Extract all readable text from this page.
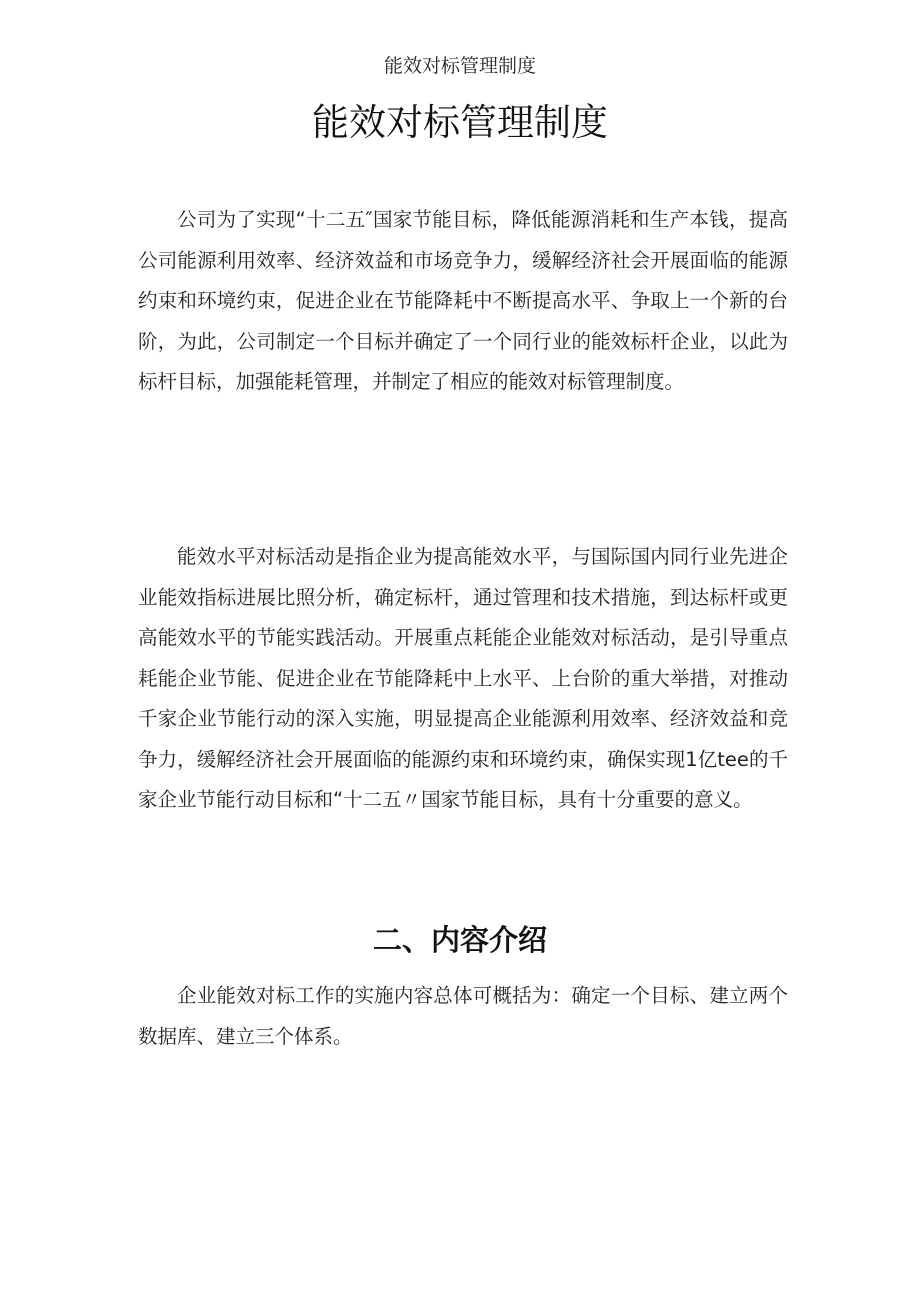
能效对标管理制度
能效对标管理制度

公司为了实现“十二五″国家节能目标，降低能源消耗和生产本钱，提高公司能源利用效率、经济效益和市场竞争力，缓解经济社会开展面临的能源约束和环境约束，促进企业在节能降耗中不断提高水平、争取上一个新的台阶，为此，公司制定一个目标并确定了一个同行业的能效标杆企业，以此为标杆目标，加强能耗管理，并制定了相应的能效对标管理制度。

能效水平对标活动是指企业为提高能效水平，与国际国内同行业先进企业能效指标进展比照分析，确定标杆，通过管理和技术措施，到达标杆或更高能效水平的节能实践活动。开展重点耗能企业能效对标活动，是引导重点耗能企业节能、促进企业在节能降耗中上水平、上台阶的重大举措，对推动千家企业节能行动的深入实施，明显提高企业能源利用效率、经济效益和竞争力，缓解经济社会开展面临的能源约束和环境约束，确保实现1亿tee的千家企业节能行动目标和“十二五〃国家节能目标，具有十分重要的意义。

二、内容介绍

企业能效对标工作的实施内容总体可概括为：确定一个目标、建立两个数据库、建立三个体系。
